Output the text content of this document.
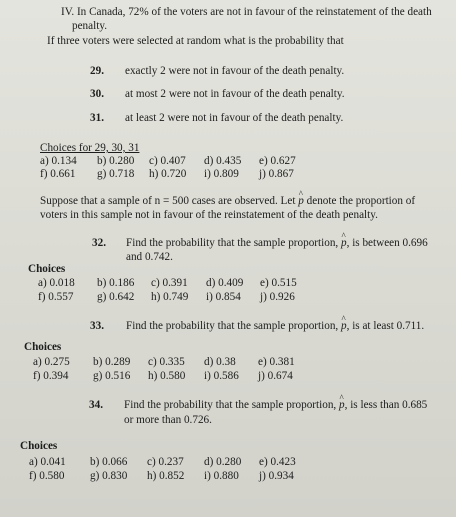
IV. In Canada, 72% of the voters are not in favour of the reinstatement of the death
penalty.
If three voters were selected at random what is the probability that
29. exactly 2 were not in favour of the death penalty.
30. at most 2 were not in favour of the death penalty.
31. at least 2 were not in favour of the death penalty.
Choices for 29, 30, 31
a) 0.134 b) 0.280 c) 0.407 d) 0.435 e) 0.627
f) 0.661 g) 0.718 h) 0.720 i) 0.809 j) 0.867
Suppose that a sample of n = 500 cases are observed. Let ^ p denote the proportion of
voters in this sample not in favour of the reinstatement of the death penalty.
32. Find the probability that the sample proportion, ^ p, is between 0.696
and 0.742.
Choices
a) 0.018 b) 0.186 c) 0.391 d) 0.409 e) 0.515
f) 0.557 g) 0.642 h) 0.749 i) 0.854 j) 0.926
33. Find the probability that the sample proportion, ^ p, is at least 0.711.
Choices
a) 0.275 b) 0.289 c) 0.335 d) 0.38 e) 0.381
f) 0.394 g) 0.516 h) 0.580 i) 0.586 j) 0.674
34. Find the probability that the sample proportion, ^ p, is less than 0.685
or more than 0.726.
Choices
a) 0.041 b) 0.066 c) 0.237 d) 0.280 e) 0.423
f) 0.580 g) 0.830 h) 0.852 i) 0.880 j) 0.934
